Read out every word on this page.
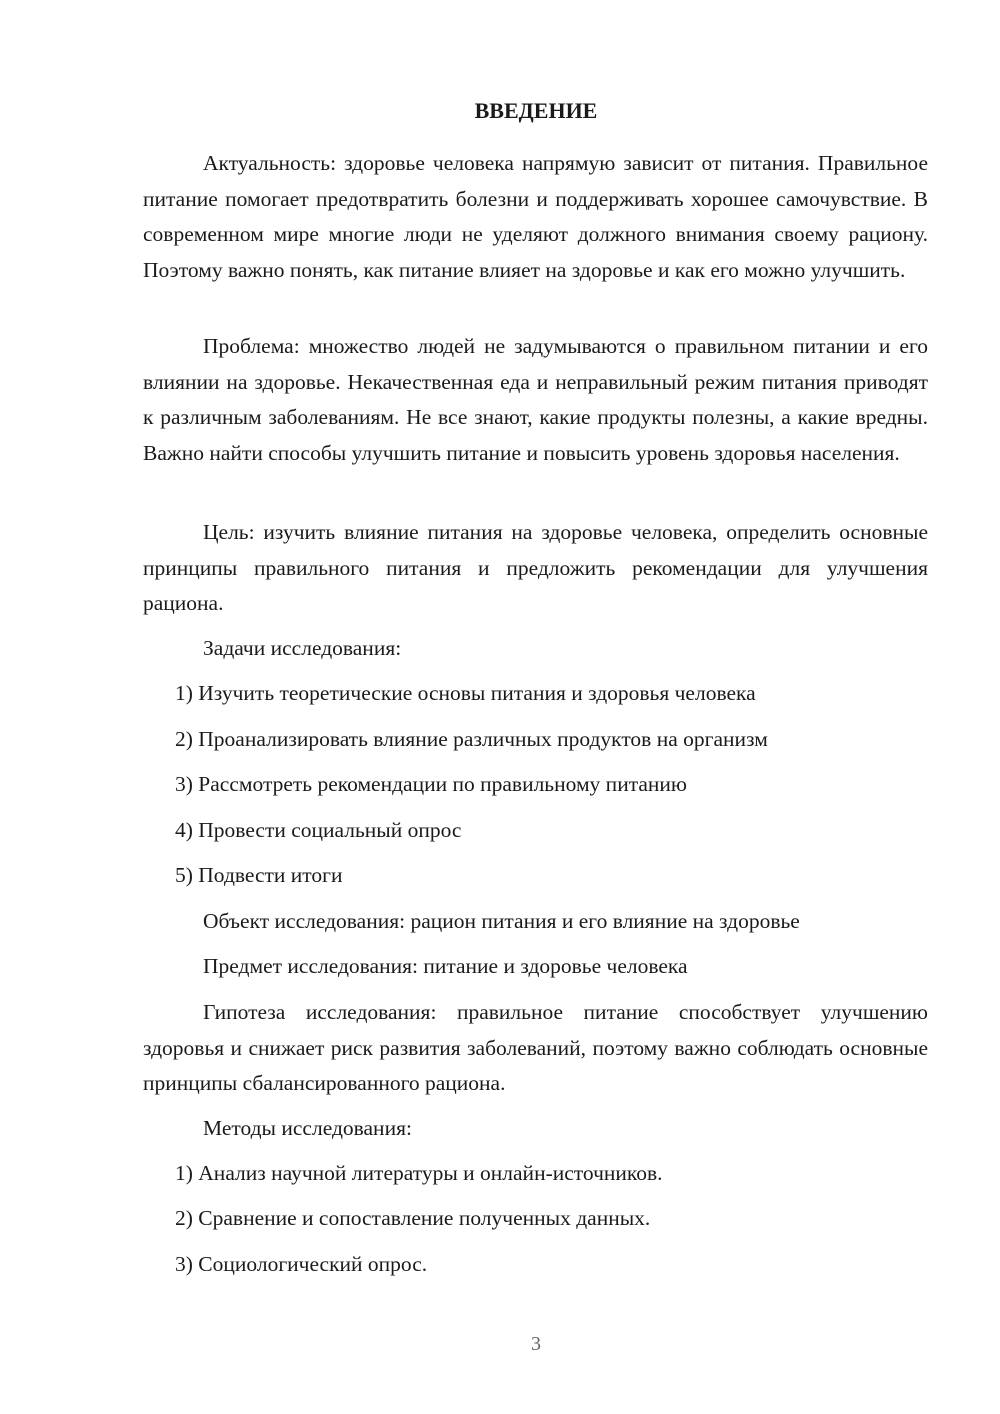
ВВЕДЕНИЕ

Актуальность: здоровье человека напрямую зависит от питания. Правильное питание помогает предотвратить болезни и поддерживать хорошее самочувствие. В современном мире многие люди не уделяют должного внимания своему рациону. Поэтому важно понять, как питание влияет на здоровье и как его можно улучшить.

Проблема: множество людей не задумываются о правильном питании и его влиянии на здоровье. Некачественная еда и неправильный режим питания приводят к различным заболеваниям. Не все знают, какие продукты полезны, а какие вредны. Важно найти способы улучшить питание и повысить уровень здоровья населения.

Цель: изучить влияние питания на здоровье человека, определить основные принципы правильного питания и предложить рекомендации для улучшения рациона.

Задачи исследования:

1) Изучить теоретические основы питания и здоровья человека

2) Проанализировать влияние различных продуктов на организм

3) Рассмотреть рекомендации по правильному питанию

4) Провести социальный опрос

5) Подвести итоги

Объект исследования: рацион питания и его влияние на здоровье

Предмет исследования: питание и здоровье человека

Гипотеза исследования: правильное питание способствует улучшению здоровья и снижает риск развития заболеваний, поэтому важно соблюдать основные принципы сбалансированного рациона.

Методы исследования:

1) Анализ научной литературы и онлайн-источников.

2) Сравнение и сопоставление полученных данных.

3) Социологический опрос.

3
